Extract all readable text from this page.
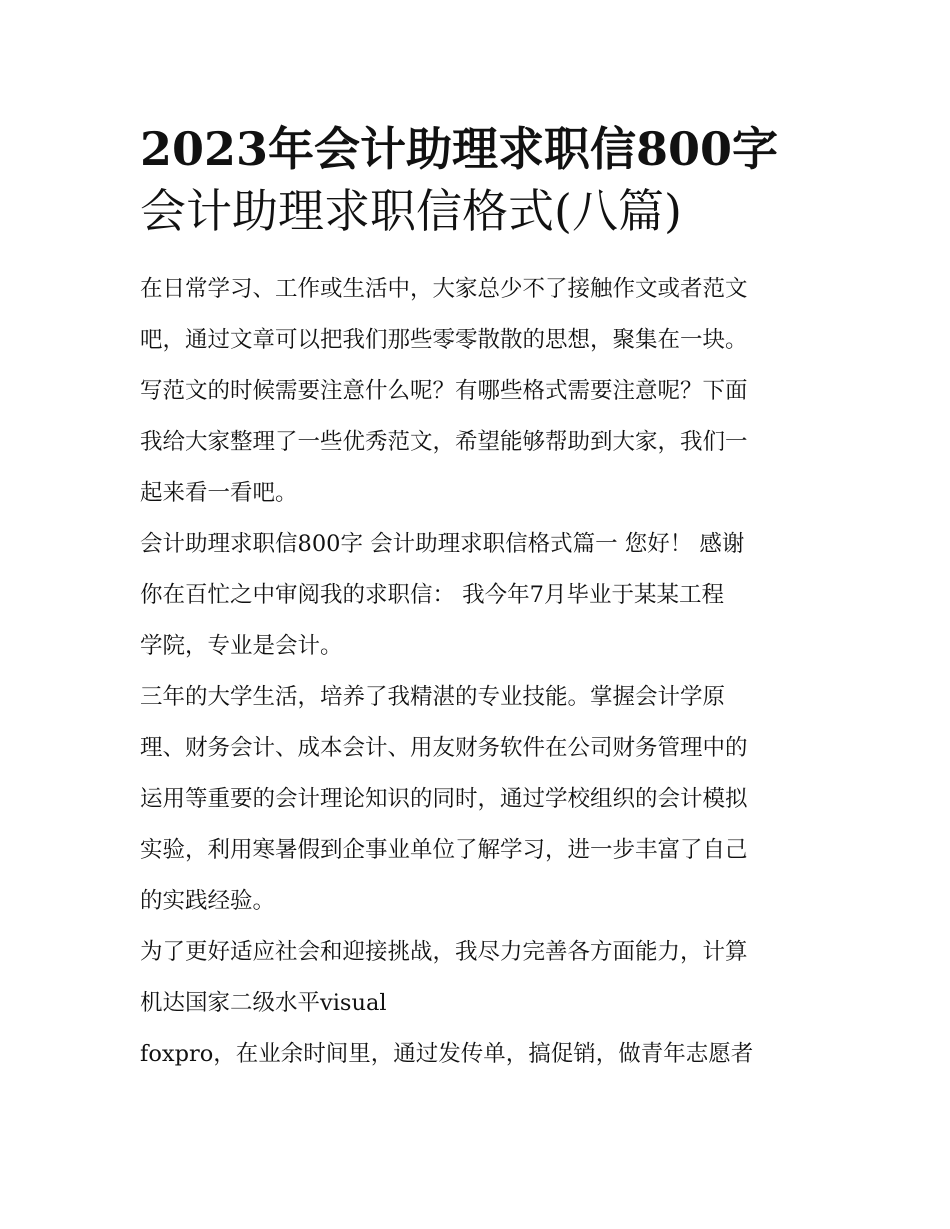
2023年会计助理求职信800字
会计助理求职信格式(八篇)

在日常学习、工作或生活中，大家总少不了接触作文或者范文
吧，通过文章可以把我们那些零零散散的思想，聚集在一块。
写范文的时候需要注意什么呢？有哪些格式需要注意呢？下面
我给大家整理了一些优秀范文，希望能够帮助到大家，我们一
起来看一看吧。

会计助理求职信800字 会计助理求职信格式篇一 您好！ 感谢
你在百忙之中审阅我的求职信： 我今年7月毕业于某某工程
学院，专业是会计。

三年的大学生活，培养了我精湛的专业技能。掌握会计学原
理、财务会计、成本会计、用友财务软件在公司财务管理中的
运用等重要的会计理论知识的同时，通过学校组织的会计模拟
实验，利用寒暑假到企事业单位了解学习，进一步丰富了自己
的实践经验。

为了更好适应社会和迎接挑战，我尽力完善各方面能力，计算
机达国家二级水平visual

foxpro，在业余时间里，通过发传单，搞促销，做青年志愿者
